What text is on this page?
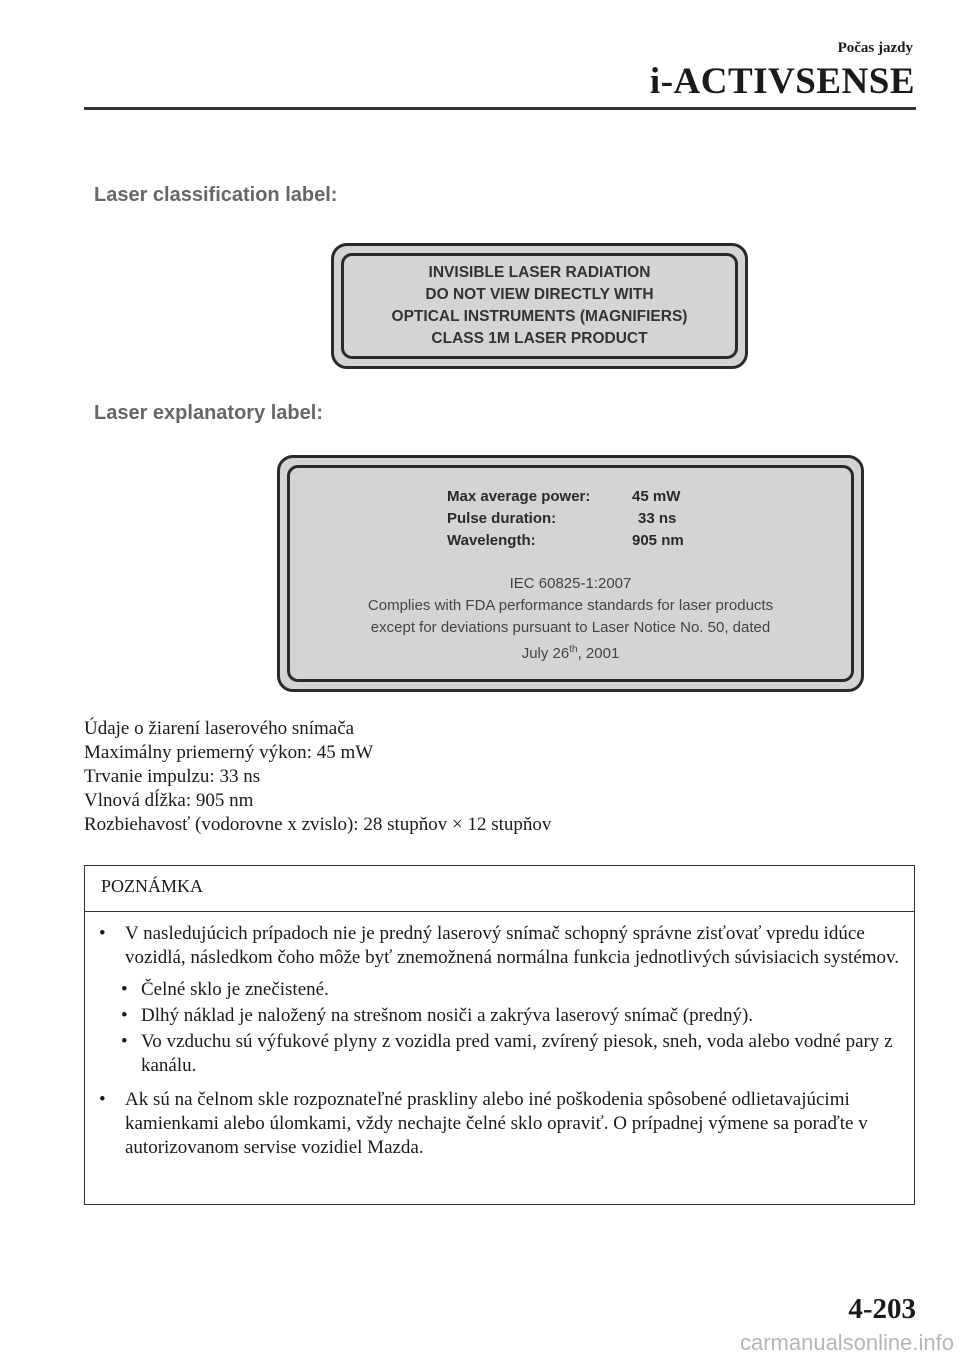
Počas jazdy
i-ACTIVSENSE
Laser classification label:
INVISIBLE LASER RADIATION
DO NOT VIEW DIRECTLY WITH
OPTICAL INSTRUMENTS (MAGNIFIERS)
CLASS 1M LASER PRODUCT
Laser explanatory label:
Max average power:	45 mW
Pulse duration:	33 ns
Wavelength:	905 nm
IEC 60825-1:2007
Complies with FDA performance standards for laser products
except for deviations pursuant to Laser Notice No. 50, dated
July 26th, 2001
Údaje o žiarení laserového snímača
Maximálny priemerný výkon: 45 mW
Trvanie impulzu: 33 ns
Vlnová dĺžka: 905 nm
Rozbiehavosť (vodorovne x zvislo): 28 stupňov × 12 stupňov
POZNÁMKA
•	V nasledujúcich prípadoch nie je predný laserový snímač schopný správne zisťovať vpredu idúce vozidlá, následkom čoho môže byť znemožnená normálna funkcia jednotlivých súvisiacich systémov.
• Čelné sklo je znečistené.
• Dlhý náklad je naložený na strešnom nosiči a zakrýva laserový snímač (predný).
• Vo vzduchu sú výfukové plyny z vozidla pred vami, zvírený piesok, sneh, voda alebo vodné pary z kanálu.
•	Ak sú na čelnom skle rozpoznateľné praskliny alebo iné poškodenia spôsobené odlietavajúcimi kamienkami alebo úlomkami, vždy nechajte čelné sklo opraviť. O prípadnej výmene sa poraďte v autorizovanom servise vozidiel Mazda.
4-203
carmanualsonline.info
